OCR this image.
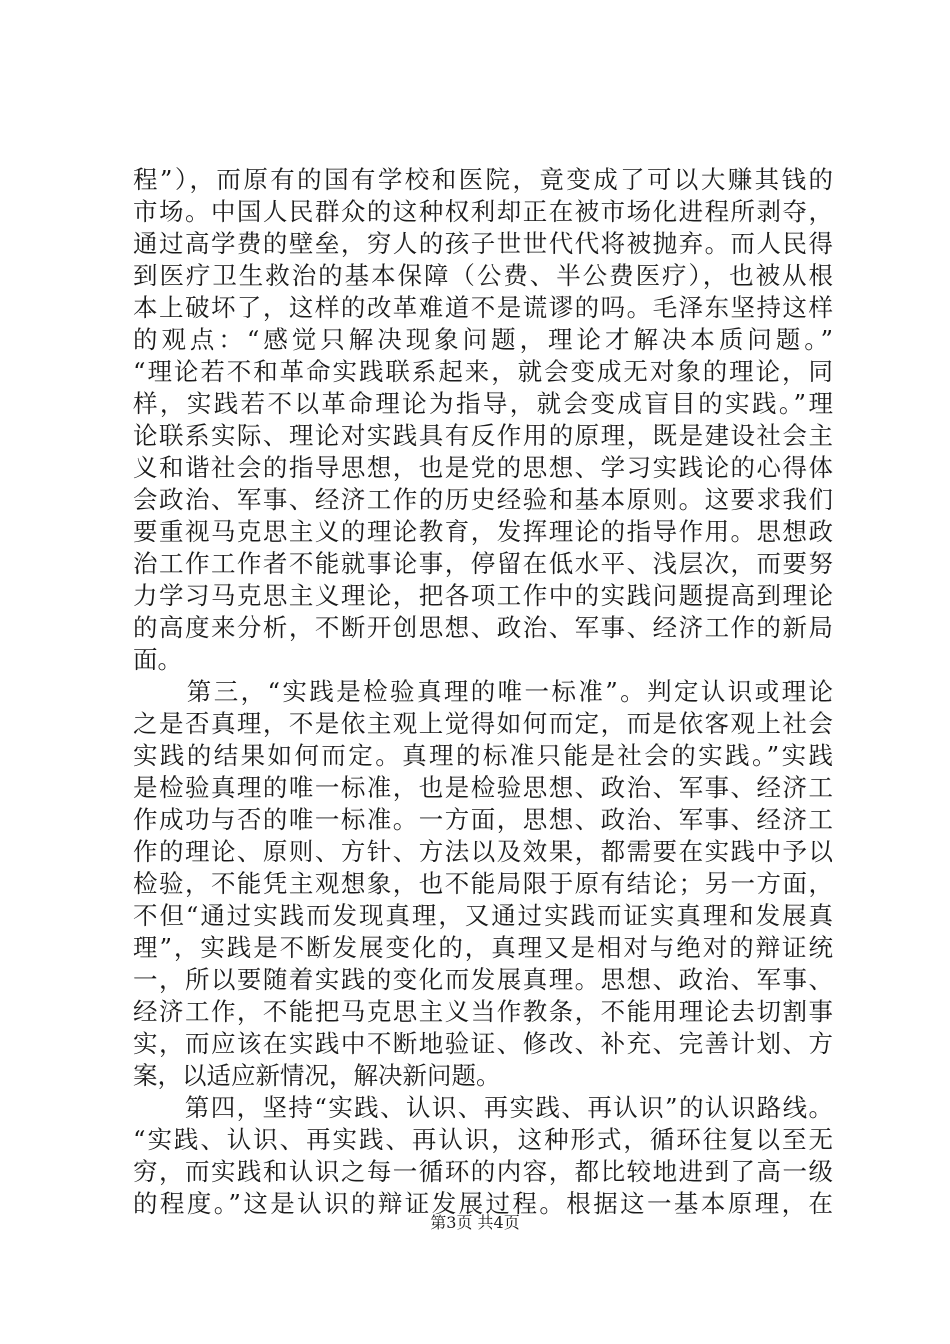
程”），而原有的国有学校和医院，竟变成了可以大赚其钱的
市场。中国人民群众的这种权利却正在被市场化进程所剥夺，
通过高学费的壁垒，穷人的孩子世世代代将被抛弃。而人民得
到医疗卫生救治的基本保障（公费、半公费医疗），也被从根
本上破坏了，这样的改革难道不是谎谬的吗。毛泽东坚持这样
的观点：“感觉只解决现象问题，理论才解决本质问题。”
“理论若不和革命实践联系起来，就会变成无对象的理论，同
样，实践若不以革命理论为指导，就会变成盲目的实践。”理
论联系实际、理论对实践具有反作用的原理，既是建设社会主
义和谐社会的指导思想，也是党的思想、学习实践论的心得体
会政治、军事、经济工作的历史经验和基本原则。这要求我们
要重视马克思主义的理论教育，发挥理论的指导作用。思想政
治工作工作者不能就事论事，停留在低水平、浅层次，而要努
力学习马克思主义理论，把各项工作中的实践问题提高到理论
的高度来分析，不断开创思想、政治、军事、经济工作的新局
面。
　　第三，“实践是检验真理的唯一标准”。判定认识或理论
之是否真理，不是依主观上觉得如何而定，而是依客观上社会
实践的结果如何而定。真理的标准只能是社会的实践。”实践
是检验真理的唯一标准，也是检验思想、政治、军事、经济工
作成功与否的唯一标准。一方面，思想、政治、军事、经济工
作的理论、原则、方针、方法以及效果，都需要在实践中予以
检验，不能凭主观想象，也不能局限于原有结论；另一方面，
不但“通过实践而发现真理，又通过实践而证实真理和发展真
理”，实践是不断发展变化的，真理又是相对与绝对的辩证统
一，所以要随着实践的变化而发展真理。思想、政治、军事、
经济工作，不能把马克思主义当作教条，不能用理论去切割事
实，而应该在实践中不断地验证、修改、补充、完善计划、方
案，以适应新情况，解决新问题。
　　第四，坚持“实践、认识、再实践、再认识”的认识路线。
“实践、认识、再实践、再认识，这种形式，循环往复以至无
穷，而实践和认识之每一循环的内容，都比较地进到了高一级
的程度。”这是认识的辩证发展过程。根据这一基本原理，在
第3页 共4页
